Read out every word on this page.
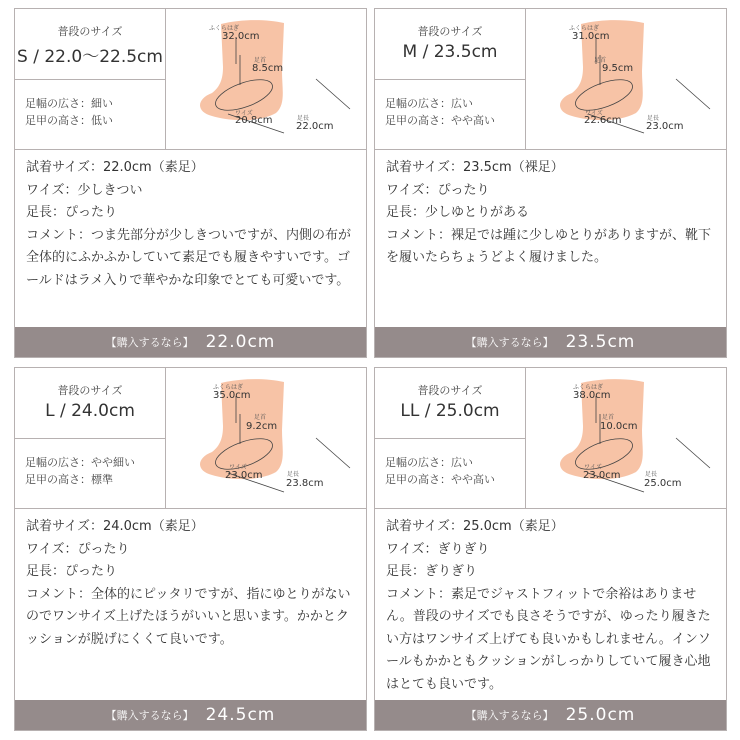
普段のサイズ
S / 22.0～22.5cm
足幅の広さ：細い
足甲の高さ：低い
ふくらはぎ
32.0cm
足首
8.5cm
ワイズ
20.8cm	足長
22.0cm
試着サイズ：22.0cm（素足）
ワイズ：少しきつい
足長：ぴったり
コメント：つま先部分が少しきついですが、内側の布が全体的にふかふかしていて素足でも履きやすいです。ゴールドはラメ入りで華やかな印象でとても可愛いです。
【購入するなら】 22.0cm
普段のサイズ
M / 23.5cm
足幅の広さ：広い
足甲の高さ：やや高い
ふくらはぎ
31.0cm
足首
9.5cm
ワイズ
22.6cm	足長
23.0cm
試着サイズ：23.5cm（裸足）
ワイズ：ぴったり
足長：少しゆとりがある
コメント：裸足では踵に少しゆとりがありますが、靴下を履いたらちょうどよく履けました。
【購入するなら】 23.5cm
普段のサイズ
L / 24.0cm
足幅の広さ：やや細い
足甲の高さ：標準
ふくらはぎ
35.0cm
足首
9.2cm
ワイズ
23.0cm	足長
23.8cm
試着サイズ：24.0cm（素足）
ワイズ：ぴったり
足長：ぴったり
コメント：全体的にピッタリですが、指にゆとりがないのでワンサイズ上げたほうがいいと思います。かかとクッションが脱げにくくて良いです。
【購入するなら】 24.5cm
普段のサイズ
LL / 25.0cm
足幅の広さ：広い
足甲の高さ：やや高い
ふくらはぎ
38.0cm
足首
10.0cm
ワイズ
23.0cm	足長
25.0cm
試着サイズ：25.0cm（素足）
ワイズ：ぎりぎり
足長：ぎりぎり
コメント：素足でジャストフィットで余裕はありません。普段のサイズでも良さそうですが、ゆったり履きたい方はワンサイズ上げても良いかもしれません。インソールもかかともクッションがしっかりしていて履き心地はとても良いです。
【購入するなら】 25.0cm
